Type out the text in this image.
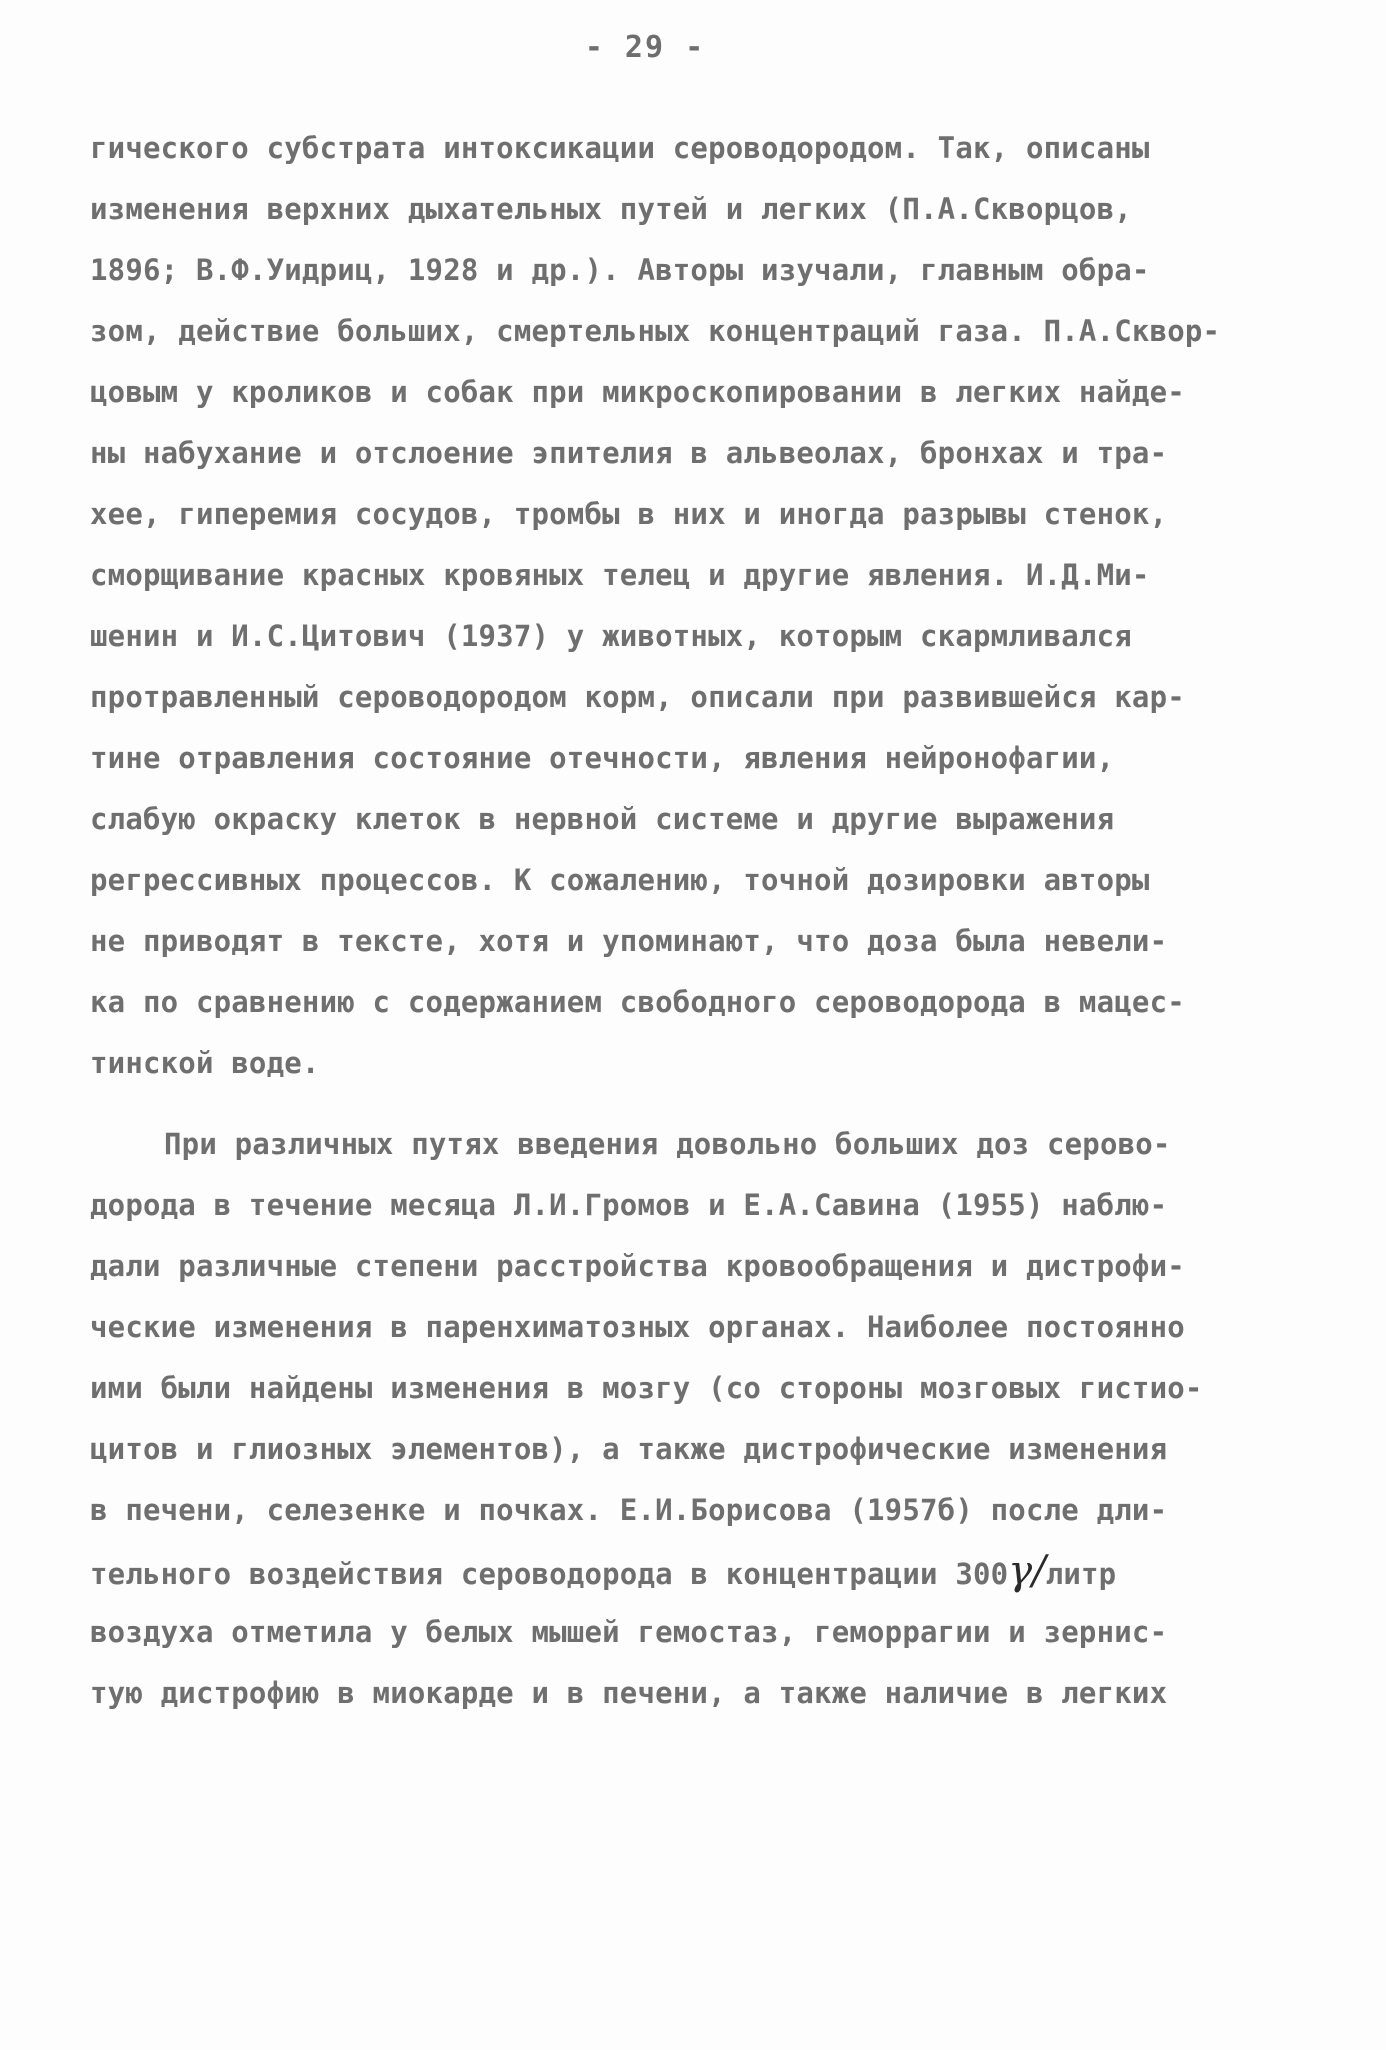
- 29 -
гического субстрата интоксикации сероводородом. Так, описаны
изменения верхних дыхательных путей и легких (П.А.Скворцов,
1896; В.Ф.Уидриц, 1928 и др.). Авторы изучали, главным обра-
зом, действие больших, смертельных концентраций газа. П.А.Сквор-
цовым у кроликов и собак при микроскопировании в легких найде-
ны набухание и отслоение эпителия в альвеолах, бронхах и тра-
хее, гиперемия сосудов, тромбы в них и иногда разрывы стенок,
сморщивание красных кровяных телец и другие явления. И.Д.Ми-
шенин и И.С.Цитович (1937) у животных, которым скармливался
протравленный сероводородом корм, описали при развившейся кар-
тине отравления состояние отечности, явления нейронофагии,
слабую окраску клеток в нервной системе и другие выражения
регрессивных процессов. К сожалению, точной дозировки авторы
не приводят в тексте, хотя и упоминают, что доза была невели-
ка по сравнению с содержанием свободного сероводорода в мацес-
тинской воде.
При различных путях введения довольно больших доз серово-
дорода в течение месяца Л.И.Громов и Е.А.Савина (1955) наблю-
дали различные степени расстройства кровообращения и дистрофи-
ческие изменения в паренхиматозных органах. Наиболее постоянно
ими были найдены изменения в мозгу (со стороны мозговых гистио-
цитов и глиозных элементов), а также дистрофические изменения
в печени, селезенке и почках. Е.И.Борисова (1957б) после дли-
тельного воздействия сероводорода в концентрации 300γ/литр
воздуха отметила у белых мышей гемостаз, геморрагии и зерниc-
тую дистрофию в миокарде и в печени, а также наличие в легких
